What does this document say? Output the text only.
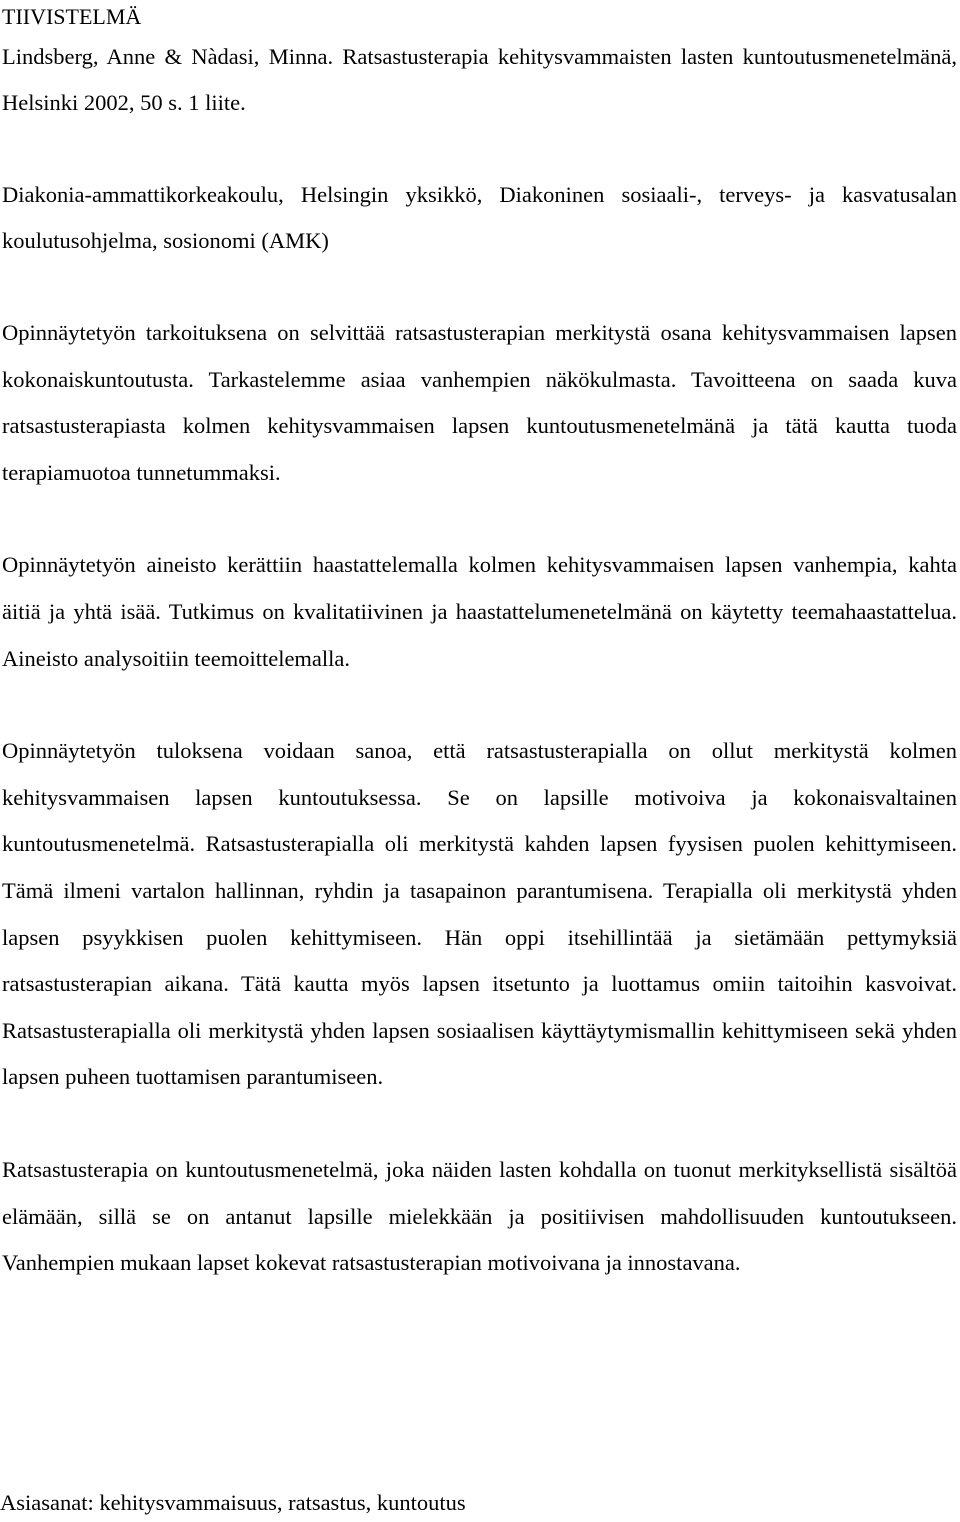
TIIVISTELMÄ

Lindsberg, Anne & Nàdasi, Minna. Ratsastusterapia kehitysvammaisten lasten kuntoutusmenetelmänä, Helsinki 2002, 50 s. 1 liite.

Diakonia-ammattikorkeakoulu, Helsingin yksikkö, Diakoninen sosiaali-, terveys- ja kasvatusalan koulutusohjelma, sosionomi (AMK)

Opinnäytetyön tarkoituksena on selvittää ratsastusterapian merkitystä osana kehitysvammaisen lapsen kokonaiskuntoutusta. Tarkastelemme asiaa vanhempien näkökulmasta. Tavoitteena on saada kuva ratsastusterapiasta kolmen kehitysvammaisen lapsen kuntoutusmenetelmänä ja tätä kautta tuoda terapiamuotoa tunnetummaksi.

Opinnäytetyön aineisto kerättiin haastattelemalla kolmen kehitysvammaisen lapsen vanhempia, kahta äitiä ja yhtä isää. Tutkimus on kvalitatiivinen ja haastattelumenetelmänä on käytetty teemahaastattelua. Aineisto analysoitiin teemoittelemalla.

Opinnäytetyön tuloksena voidaan sanoa, että ratsastusterapialla on ollut merkitystä kolmen kehitysvammaisen lapsen kuntoutuksessa. Se on lapsille motivoiva ja kokonaisvaltainen kuntoutusmenetelmä. Ratsastusterapialla oli merkitystä kahden lapsen fyysisen puolen kehittymiseen. Tämä ilmeni vartalon hallinnan, ryhdin ja tasapainon parantumisena. Terapialla oli merkitystä yhden lapsen psyykkisen puolen kehittymiseen. Hän oppi itsehillintää ja sietämään pettymyksiä ratsastusterapian aikana. Tätä kautta myös lapsen itsetunto ja luottamus omiin taitoihin kasvoivat. Ratsastusterapialla oli merkitystä yhden lapsen sosiaalisen käyttäytymismallin kehittymiseen sekä yhden lapsen puheen tuottamisen parantumiseen.

Ratsastusterapia on kuntoutusmenetelmä, joka näiden lasten kohdalla on tuonut merkityksellistä sisältöä elämään, sillä se on antanut lapsille mielekkään ja positiivisen mahdollisuuden kuntoutukseen. Vanhempien mukaan lapset kokevat ratsastusterapian motivoivana ja innostavana.

Asiasanat: kehitysvammaisuus, ratsastus, kuntoutus
